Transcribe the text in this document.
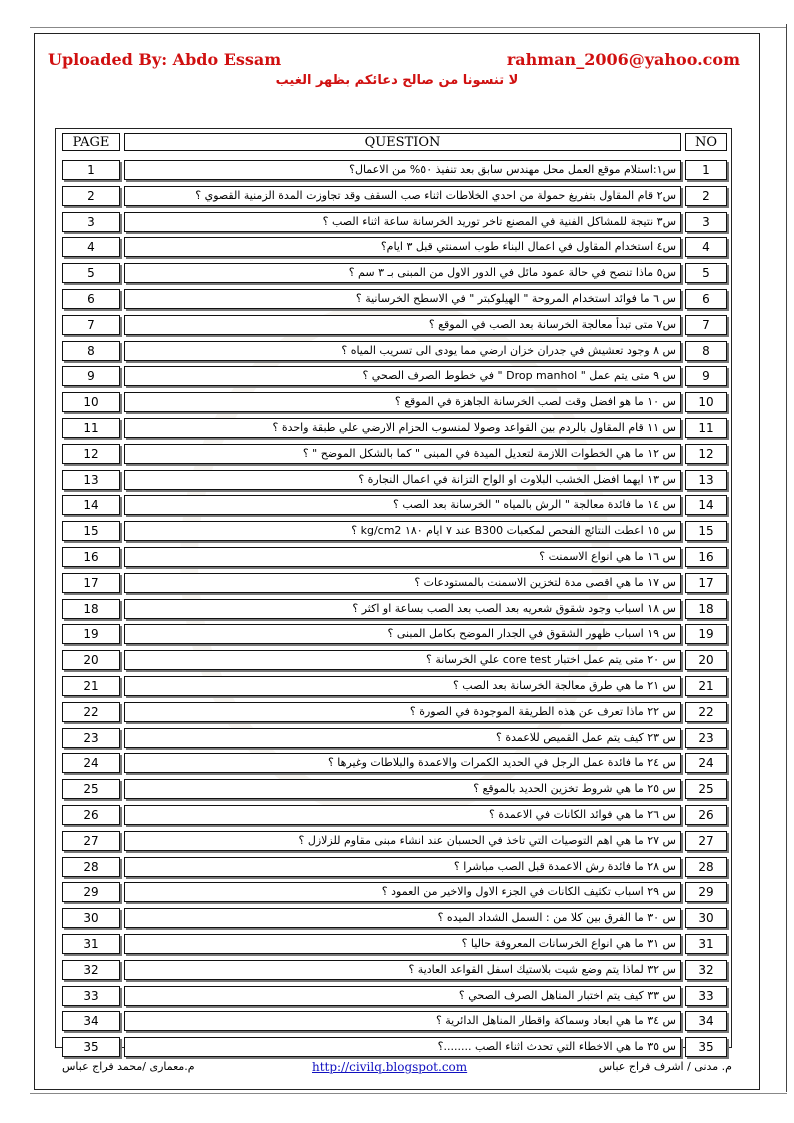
Uploaded By: Abdo Essam	rahman_2006@yahoo.com
لا تنسونا من صالح دعائكم بظهر الغيب
PAGE	QUESTION	NO
1	س١:استلام موقع العمل محل مهندس سابق بعد تنفيذ ٥٠% من الاعمال؟	1
2	س٢ قام المقاول بتفريغ حمولة من احدي الخلاطات اثناء صب السقف وقد تجاوزت المدة الزمنية القصوي ؟	2
3	س٣ نتيجة للمشاكل الفنية في المصنع تاخر توريد الخرسانة ساعة اثناء الصب ؟	3
4	س٤ استخدام المقاول في اعمال البناء طوب اسمنتي قبل ٣ ايام؟	4
5	س٥ ماذا تنصح في حالة عمود مائل في الدور الاول من المبنى بـ ٣ سم ؟	5
6	س ٦ ما فوائد استخدام المروحة " الهيلوكبتر " في الاسطح الخرسانية ؟	6
7	س٧ متى تبدأ معالجة الخرسانة بعد الصب في الموقع ؟	7
8	س ٨ وجود تعشيش في جدران خزان ارضي مما يودى الى تسريب المياه ؟	8
9	س ٩ متى يتم عمل " Drop manhol " في خطوط الصرف الصحي ؟	9
10	س ١٠ ما هو افضل وقت لصب الخرسانة الجاهزة في الموقع ؟	10
11	س ١١ قام المقاول بالردم بين القواعد وصولا لمنسوب الحزام الارضي علي طبقة واحدة ؟	11
12	س ١٢ ما هي الخطوات اللازمة لتعديل الميدة في المبنى " كما بالشكل الموضح " ؟	12
13	س ١٣ ايهما افضل الخشب البلاوت او الواح التزانة في اعمال النجارة ؟	13
14	س ١٤ ما فائدة معالجة " الرش بالمياه " الخرسانة بعد الصب ؟	14
15	س ١٥ اعطت النتائج الفحص لمكعبات B300 عند ٧ ايام ١٨٠ kg/cm2 ؟	15
16	س ١٦ ما هي انواع الاسمنت ؟	16
17	س ١٧ ما هي اقصى مدة لتخزين الاسمنت بالمستودعات ؟	17
18	س ١٨ اسباب وجود شقوق شعريه بعد الصب بعد الصب بساعة او اكثر ؟	18
19	س ١٩ اسباب ظهور الشقوق في الجدار الموضح بكامل المبنى ؟	19
20	س ٢٠ متى يتم عمل اختبار core test علي الخرسانة ؟	20
21	س ٢١ ما هي طرق معالجة الخرسانة بعد الصب ؟	21
22	س ٢٢ ماذا تعرف عن هذه الطريقة الموجودة في الصورة ؟	22
23	س ٢٣ كيف يتم عمل القميص للاعمدة ؟	23
24	س ٢٤ ما فائدة عمل الرجل في الحديد الكمرات والاعمدة والبلاطات وغيرها ؟	24
25	س ٢٥ ما هي شروط تخزين الحديد بالموقع ؟	25
26	س ٢٦ ما هي فوائد الكانات في الاعمدة ؟	26
27	س ٢٧ ما هي اهم التوصيات التي تاخذ في الحسبان عند انشاء مبنى مقاوم للزلازل ؟	27
28	س ٢٨ ما فائدة رش الاعمدة قبل الصب مباشرا ؟	28
29	س ٢٩ اسباب تكثيف الكانات في الجزء الاول والاخير من العمود ؟	29
30	س ٣٠ ما الفرق بين كلا من : السمل الشداد الميده ؟	30
31	س ٣١ ما هي انواع الخرسانات المعروفة حاليا ؟	31
32	س ٣٢ لماذا يتم وضع شيت بلاستيك اسفل القواعد العادية ؟	32
33	س ٣٣ كيف يتم اختبار المناهل الصرف الصحي ؟	33
34	س ٣٤ ما هي ابعاد وسماكة واقطار المناهل الدائرية ؟	34
35	س ٣٥ ما هي الاخطاء التي تحدث اثناء الصب ........؟	35
م.معمارى /محمد فراج عباس	http://civilq.blogspot.com	م. مدنى / اشرف فراج عباس
